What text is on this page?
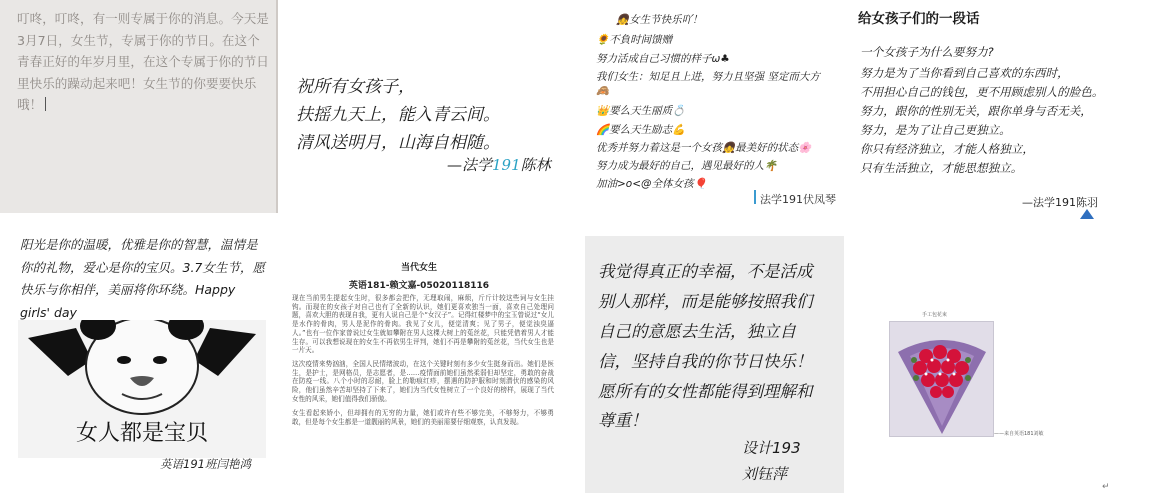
叮咚，叮咚，有一则专属于你的消息。今天是3月7日，女生节，专属于你的节日。在这个青春正好的年岁月里，在这个专属于你的节日里快乐的躁动起来吧！女生节的你要要快乐哦！
祝所有女孩子，
扶摇九天上，能入青云间。
清风送明月，山海自相随。
—法学191陈林
👧女生节快乐吖！
🌻不負时间馈赠
努力活成自己习惯的样子ω♣
我们女生：知足且上进，努力且坚强 坚定而大方
🙈
👑要么天生丽质💍
🌈要么天生励志💪
优秀并努力着这是一个女孩👧最美好的状态🌸
努力成为最好的自己，遇见最好的人🌴
加油>o<@全体女孩🎈
法学191伏凤琴
给女孩子们的一段话
一个女孩子为什么要努力?
努力是为了当你看到自己喜欢的东西时，
不用担心自己的钱包，更不用顾虑别人的脸色。
努力，跟你的性别无关，跟你单身与否无关，
努力，是为了让自己更独立。
你只有经济独立，才能人格独立，
只有生活独立，才能思想独立。
—法学191陈羽
阳光是你的温暖，优雅是你的智慧，温情是你的礼物，爱心是你的宝贝。3.7女生节，愿快乐与你相伴，美丽将你环绕。Happy girls' day
女人都是宝贝
英语191班闫艳鸿
当代女生
英语181-赖文嘉-05020118116
现在当前男生提起女生时，很多都会把作，无理取闹，麻烦，斤斤计较这些词与女生挂钩。而现在的女孩子对自己也有了全新的认识，她们更喜欢独当一面，喜欢自己处理问题，喜欢大胆的表现自我，更有人说自己是个“女汉子”。记得红楼梦中的宝玉曾说过“女儿是水作的骨肉，男人是泥作的骨肉。我见了女儿，便觉清爽；见了男子，便觉浊臭逼人。”也有一位作家曾说过女生就如攀附在男人这棵大树上的菟丝花，只能凭借着男人才能生存。可以我想说现在的女生不再依男生评判，她们不再是攀附的菟丝花，当代女生也是一片天。
这次疫情来势汹汹，全国人民情绪波动，在这个关键时刻有多少女生挺身而出。她们是医生，是护士，是网格员，是志愿者，是……疫情面前她们虽然柔弱但却坚定，勇敢的奋战在防疫一线。八个小时的忍耐，脸上的勒痕红疹，摆遇的防护服和时刻潜伏的感染的风险，他们虽然辛苦却坚持了下来了，她们为当代女性树立了一个良好的榜样，展现了当代女性的风采，她们值得我们骄傲。
女生看起来娇小，但却拥有的无穷的力量，她们或许有些不够完美，不够努力，不够勇敢，但是每个女生都是一道靓丽的风景，她们的美丽需要仔细观察，认真发现。
我觉得真正的幸福，不是活成
别人那样，而是能够按照我们
自己的意愿去生活，独立自
信，坚持自我的你节日快乐！
愿所有的女性都能得到理解和
尊重！
设计193
刘钰萍
手工包花束
——来自英语181刘敏
↵
